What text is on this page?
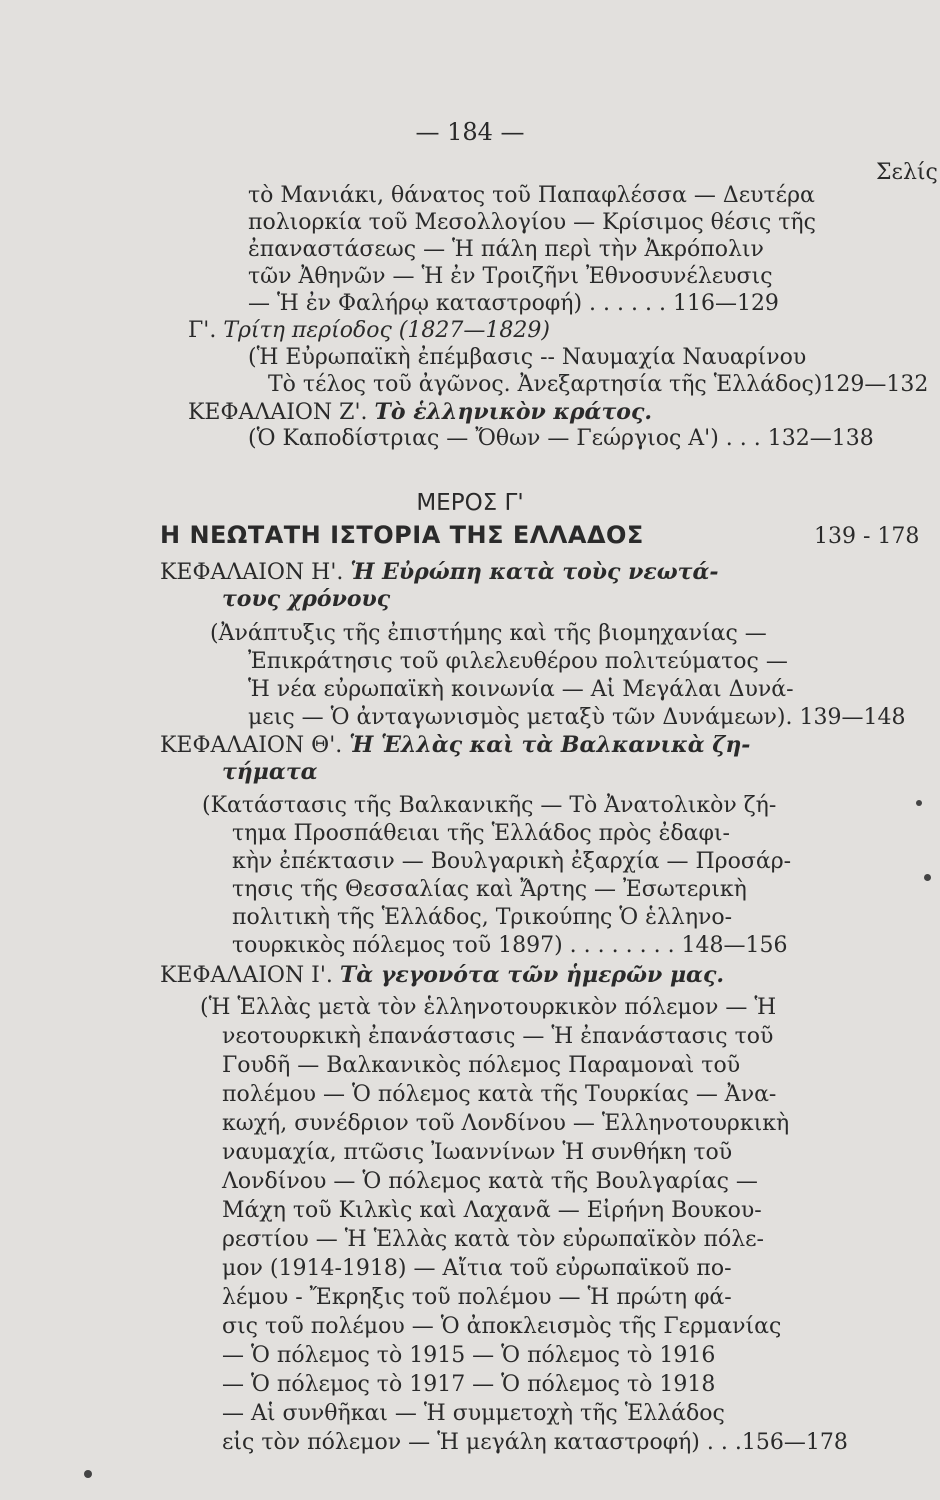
— 184 —
Σελίς
τὸ Μανιάκι, θάνατος τοῦ Παπαφλέσσα — Δευτέρα
πολιορκία τοῦ Μεσολλογίου — Κρίσιμος θέσις τῆς
ἐπαναστάσεως — Ἡ πάλη περὶ τὴν Ἀκρόπολιν
τῶν Ἀθηνῶν — Ἡ ἐν Τροιζῆνι Ἐθνοσυνέλευσις
— Ἡ ἐν Φαλήρῳ καταστροφή) . . . . . . 116—129
Γ'. Τρίτη περίοδος (1827—1829)
(Ἡ Εὐρωπαϊκὴ ἐπέμβασις -- Ναυμαχία Ναυαρίνου
Τὸ τέλος τοῦ ἀγῶνος. Ἀνεξαρτησία τῆς Ἑλλάδος)129—132
ΚΕΦΑΛΑΙΟΝ Ζ'. Τὸ ἑλληνικὸν κράτος.
(Ὁ Καποδίστριας — Ὄθων — Γεώργιος Α') . . . 132—138
ΜΕΡΟΣ Γ'
Η ΝΕΩΤΑΤΗ ΙΣΤΟΡΙΑ ΤΗΣ ΕΛΛΑΔΟΣ	139 - 178
ΚΕΦΑΛΑΙΟΝ Η'. Ἡ Εὐρώπη κατὰ τοὺς νεωτά-
τους χρόνους
(Ἀνάπτυξις τῆς ἐπιστήμης καὶ τῆς βιομηχανίας —
Ἐπικράτησις τοῦ φιλελευθέρου πολιτεύματος —
Ἡ νέα εὐρωπαϊκὴ κοινωνία — Αἱ Μεγάλαι Δυνά-
μεις — Ὁ ἀνταγωνισμὸς μεταξὺ τῶν Δυνάμεων). 139—148
ΚΕΦΑΛΑΙΟΝ Θ'. Ἡ Ἑλλὰς καὶ τὰ Βαλκανικὰ ζη-
τήματα
(Κατάστασις τῆς Βαλκανικῆς — Τὸ Ἀνατολικὸν ζή-
τημα Προσπάθειαι τῆς Ἑλλάδος πρὸς ἐδαφι-
κὴν ἐπέκτασιν — Βουλγαρικὴ ἐξαρχία — Προσάρ-
τησις τῆς Θεσσαλίας καὶ Ἄρτης — Ἐσωτερικὴ
πολιτικὴ τῆς Ἑλλάδος, Τρικούπης Ὁ ἑλληνο-
τουρκικὸς πόλεμος τοῦ 1897) . . . . . . . . 148—156
ΚΕΦΑΛΑΙΟΝ Ι'. Τὰ γεγονότα τῶν ἡμερῶν μας.
(Ἡ Ἑλλὰς μετὰ τὸν ἑλληνοτουρκικὸν πόλεμον — Ἡ
νεοτουρκικὴ ἐπανάστασις — Ἡ ἐπανάστασις τοῦ
Γουδῆ — Βαλκανικὸς πόλεμος Παραμοναὶ τοῦ
πολέμου — Ὁ πόλεμος κατὰ τῆς Τουρκίας — Ἀνα-
κωχή, συνέδριον τοῦ Λονδίνου — Ἑλληνοτουρκικὴ
ναυμαχία, πτῶσις Ἰωαννίνων Ἡ συνθήκη τοῦ
Λονδίνου — Ὁ πόλεμος κατὰ τῆς Βουλγαρίας —
Μάχη τοῦ Κιλκὶς καὶ Λαχανᾶ — Εἰρήνη Βουκου-
ρεστίου — Ἡ Ἑλλὰς κατὰ τὸν εὐρωπαϊκὸν πόλε-
μον (1914-1918) — Αἴτια τοῦ εὐρωπαϊκοῦ πο-
λέμου - Ἔκρηξις τοῦ πολέμου — Ἡ πρώτη φά-
σις τοῦ πολέμου — Ὁ ἀποκλεισμὸς τῆς Γερμανίας
— Ὁ πόλεμος τὸ 1915 — Ὁ πόλεμος τὸ 1916
— Ὁ πόλεμος τὸ 1917 — Ὁ πόλεμος τὸ 1918
— Αἱ συνθῆκαι — Ἡ συμμετοχὴ τῆς Ἑλλάδος
εἰς τὸν πόλεμον — Ἡ μεγάλη καταστροφή) . . .156—178
